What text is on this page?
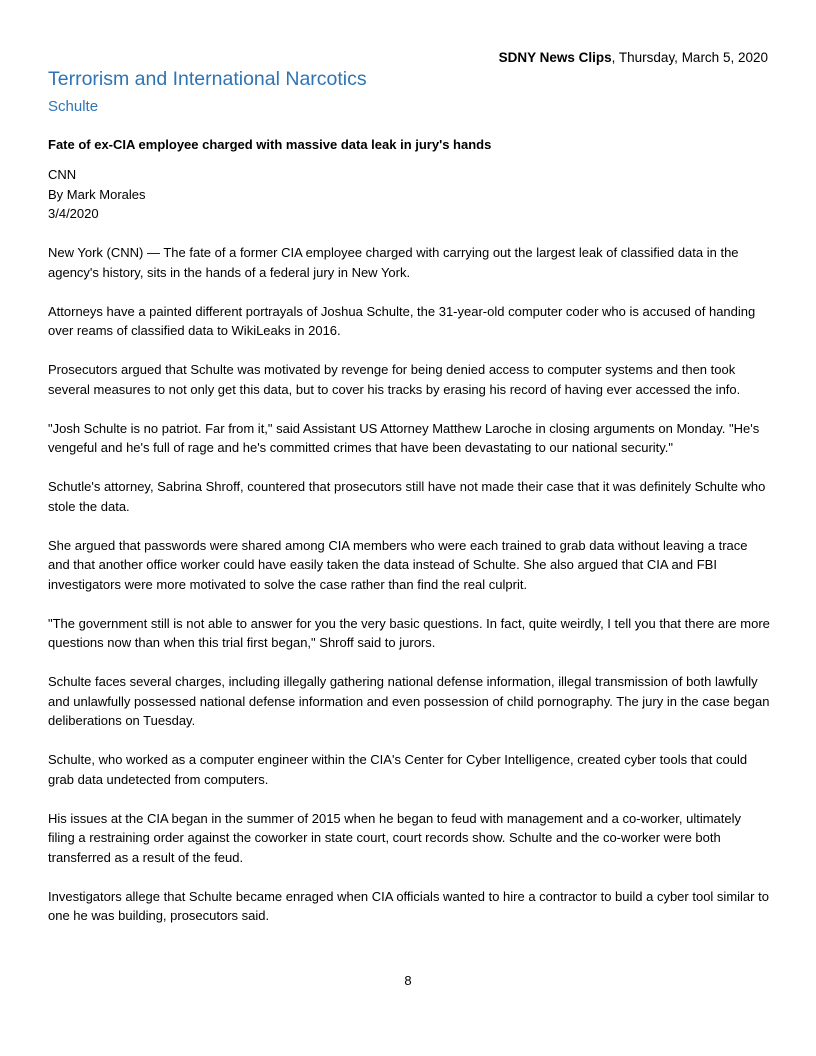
SDNY News Clips, Thursday, March 5, 2020
Terrorism and International Narcotics
Schulte
Fate of ex-CIA employee charged with massive data leak in jury's hands
CNN
By Mark Morales
3/4/2020

New York (CNN) — The fate of a former CIA employee charged with carrying out the largest leak of classified data in the agency's history, sits in the hands of a federal jury in New York.

Attorneys have a painted different portrayals of Joshua Schulte, the 31-year-old computer coder who is accused of handing over reams of classified data to WikiLeaks in 2016.

Prosecutors argued that Schulte was motivated by revenge for being denied access to computer systems and then took several measures to not only get this data, but to cover his tracks by erasing his record of having ever accessed the info.

"Josh Schulte is no patriot. Far from it," said Assistant US Attorney Matthew Laroche in closing arguments on Monday. "He's vengeful and he's full of rage and he's committed crimes that have been devastating to our national security."

Schutle's attorney, Sabrina Shroff, countered that prosecutors still have not made their case that it was definitely Schulte who stole the data.

She argued that passwords were shared among CIA members who were each trained to grab data without leaving a trace and that another office worker could have easily taken the data instead of Schulte. She also argued that CIA and FBI investigators were more motivated to solve the case rather than find the real culprit.

"The government still is not able to answer for you the very basic questions. In fact, quite weirdly, I tell you that there are more questions now than when this trial first began," Shroff said to jurors.

Schulte faces several charges, including illegally gathering national defense information, illegal transmission of both lawfully and unlawfully possessed national defense information and even possession of child pornography. The jury in the case began deliberations on Tuesday.

Schulte, who worked as a computer engineer within the CIA's Center for Cyber Intelligence, created cyber tools that could grab data undetected from computers.

His issues at the CIA began in the summer of 2015 when he began to feud with management and a co-worker, ultimately filing a restraining order against the coworker in state court, court records show. Schulte and the co-worker were both transferred as a result of the feud.

Investigators allege that Schulte became enraged when CIA officials wanted to hire a contractor to build a cyber tool similar to one he was building, prosecutors said.

8
